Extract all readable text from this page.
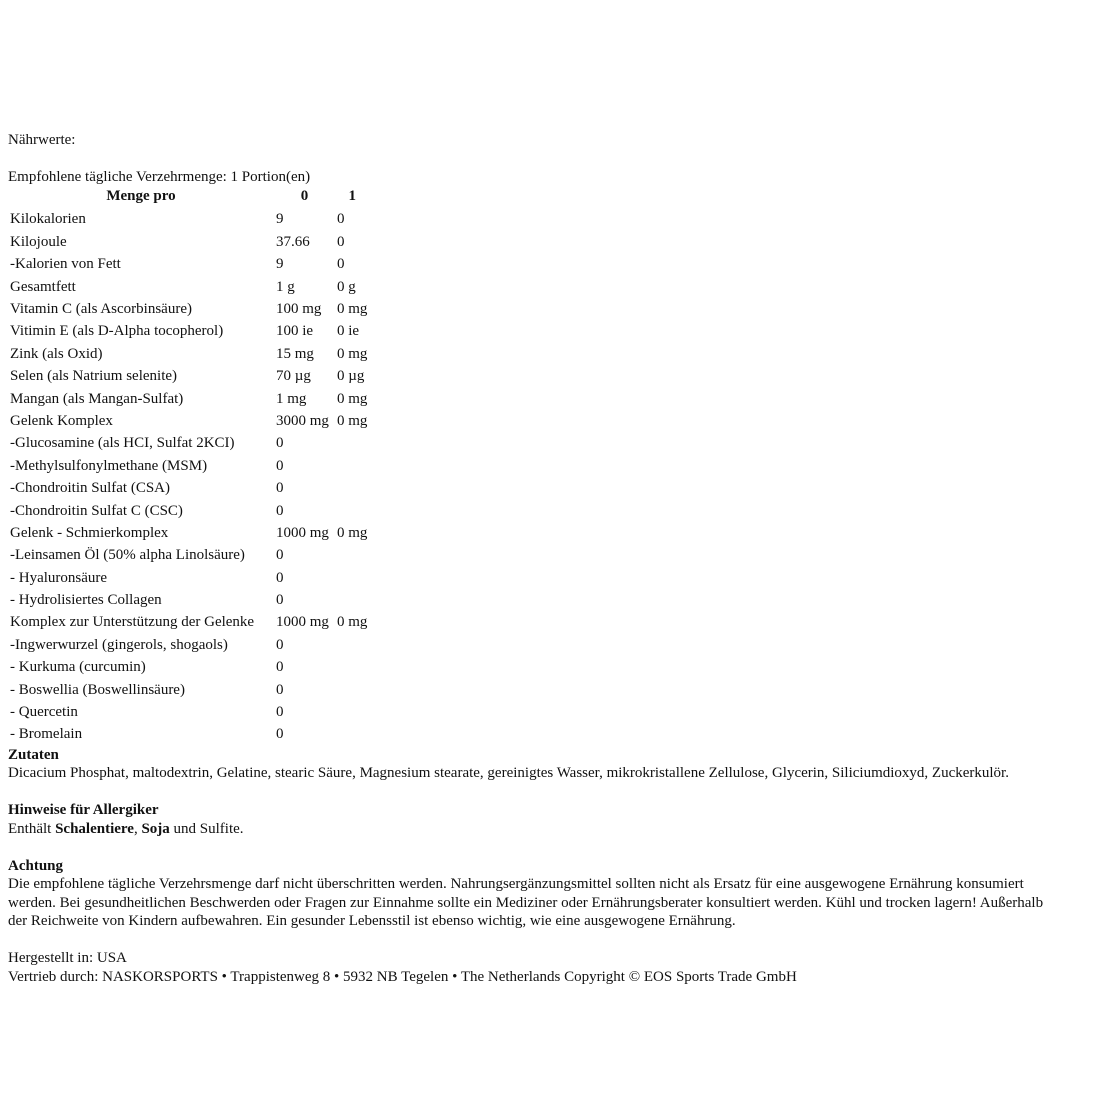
Nährwerte:

Empfohlene tägliche Verzehrmenge: 1 Portion(en)

Menge pro	0	1
Kilokalorien	9	0
Kilojoule	37.66	0
-Kalorien von Fett	9	0
Gesamtfett	1 g	0 g
Vitamin C (als Ascorbinsäure)	100 mg	0 mg
Vitimin E (als D-Alpha tocopherol)	100 ie	0 ie
Zink (als Oxid)	15 mg	0 mg
Selen (als Natrium selenite)	70 µg	0 µg
Mangan (als Mangan-Sulfat)	1 mg	0 mg
Gelenk Komplex	3000 mg	0 mg
-Glucosamine (als HCI, Sulfat 2KCI)	0	
-Methylsulfonylmethane (MSM)	0	
-Chondroitin Sulfat (CSA)	0	
-Chondroitin Sulfat C (CSC)	0	
Gelenk - Schmierkomplex	1000 mg	0 mg
-Leinsamen Öl (50% alpha Linolsäure)	0	
- Hyaluronsäure	0	
- Hydrolisiertes Collagen	0	
Komplex zur Unterstützung der Gelenke	1000 mg	0 mg
-Ingwerwurzel (gingerols, shogaols)	0	
- Kurkuma (curcumin)	0	
- Boswellia (Boswellinsäure)	0	
- Quercetin	0	
- Bromelain	0	

Zutaten

Dicacium Phosphat, maltodextrin, Gelatine, stearic Säure, Magnesium stearate, gereinigtes Wasser, mikrokristallene Zellulose, Glycerin, Siliciumdioxyd, Zuckerkulör.

Hinweise für Allergiker

Enthält Schalentiere, Soja und Sulfite.

Achtung

Die empfohlene tägliche Verzehrsmenge darf nicht überschritten werden. Nahrungsergänzungsmittel sollten nicht als Ersatz für eine ausgewogene Ernährung konsumiert

werden. Bei gesundheitlichen Beschwerden oder Fragen zur Einnahme sollte ein Mediziner oder Ernährungsberater konsultiert werden. Kühl und trocken lagern! Außerhalb

der Reichweite von Kindern aufbewahren. Ein gesunder Lebensstil ist ebenso wichtig, wie eine ausgewogene Ernährung.

Hergestellt in: USA

Vertrieb durch: NASKORSPORTS • Trappistenweg 8 • 5932 NB Tegelen • The Netherlands Copyright © EOS Sports Trade GmbH
